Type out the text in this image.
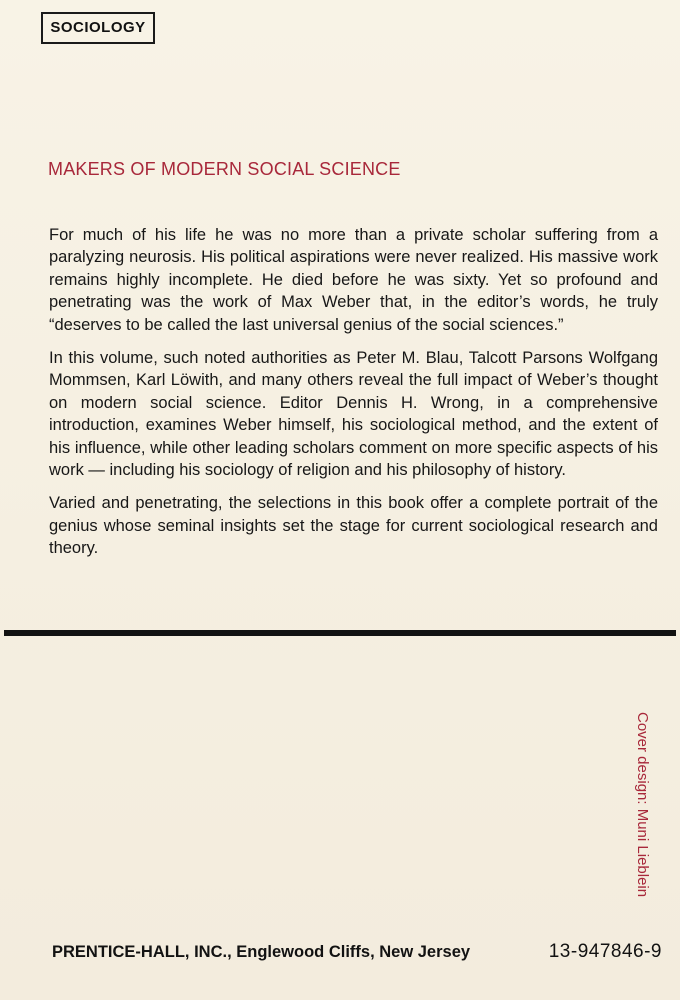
SOCIOLOGY
MAKERS OF MODERN SOCIAL SCIENCE

For much of his life he was no more than a private scholar suffering from a paralyzing neurosis. His political aspirations were never realized. His massive work remains highly incomplete. He died before he was sixty. Yet so profound and penetrating was the work of Max Weber that, in the editor’s words, he truly “deserves to be called the last universal genius of the social sciences.”

In this volume, such noted authorities as Peter M. Blau, Talcott Parsons Wolfgang Mommsen, Karl Löwith, and many others reveal the full impact of Weber’s thought on modern social science. Editor Dennis H. Wrong, in a comprehensive introduction, examines Weber himself, his sociological method, and the extent of his influence, while other leading scholars comment on more specific aspects of his work — including his sociology of religion and his philosophy of history.

Varied and penetrating, the selections in this book offer a complete portrait of the genius whose seminal insights set the stage for current sociological research and theory.

Cover design: Muni Lieblein
PRENTICE-HALL, INC., Englewood Cliffs, New Jersey	13-947846-9
